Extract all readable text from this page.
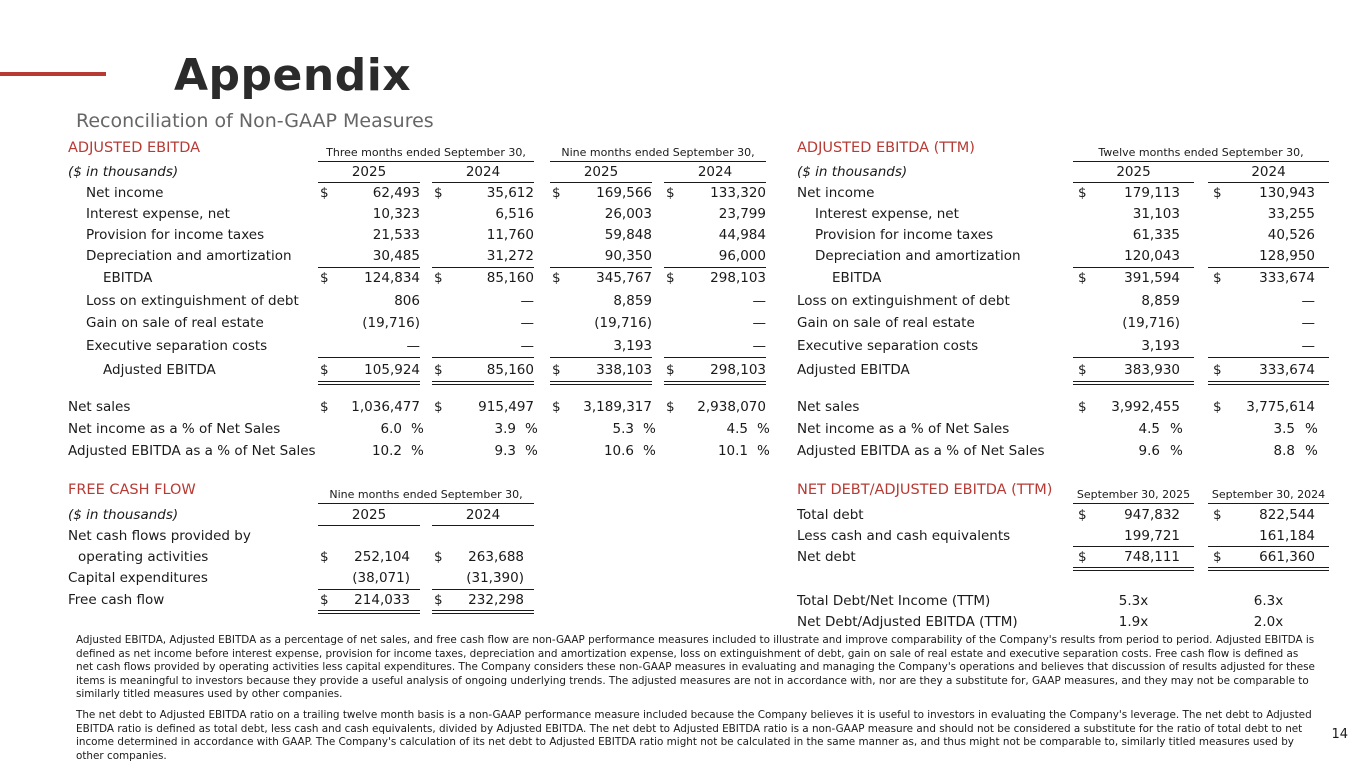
Appendix
Reconciliation of Non-GAAP Measures
ADJUSTED EBITDA	Three months ended September 30,	Nine months ended September 30,
($ in thousands)	2025	2024	2025	2024
Net income	$	62,493 $	35,612 $	169,566 $	133,320
Interest expense, net	10,323	6,516	26,003	23,799
Provision for income taxes	21,533	11,760	59,848	44,984
Depreciation and amortization	30,485	31,272	90,350	96,000
EBITDA	$	124,834 $	85,160 $	345,767 $	298,103
Loss on extinguishment of debt	806	—	8,859	—
Gain on sale of real estate	(19,716)	—	(19,716)	—
Executive separation costs	—	—	3,193	—
Adjusted EBITDA	$	105,924 $	85,160 $	338,103 $	298,103
Net sales	$	1,036,477 $	915,497 $	3,189,317 $	2,938,070
Net income as a % of Net Sales	6.0 %	3.9 %	5.3 %	4.5 %
Adjusted EBITDA as a % of Net Sales	10.2 %	9.3 %	10.6 %	10.1 %
ADJUSTED EBITDA (TTM)	Twelve months ended September 30,
($ in thousands)	2025	2024
Net income	$	179,113 $	130,943
Interest expense, net	31,103	33,255
Provision for income taxes	61,335	40,526
Depreciation and amortization	120,043	128,950
EBITDA	$	391,594 $	333,674
Loss on extinguishment of debt	8,859	—
Gain on sale of real estate	(19,716)	—
Executive separation costs	3,193	—
Adjusted EBITDA	$	383,930 $	333,674
Net sales	$	3,992,455 $	3,775,614
Net income as a % of Net Sales	4.5 %	3.5 %
Adjusted EBITDA as a % of Net Sales	9.6 %	8.8 %
FREE CASH FLOW	Nine months ended September 30,
($ in thousands)	2025	2024
Net cash flows provided by
operating activities	$	252,104 $	263,688
Capital expenditures	(38,071)	(31,390)
Free cash flow	$	214,033 $	232,298
NET DEBT/ADJUSTED EBITDA (TTM)	September 30, 2025	September 30, 2024
Total debt	$	947,832 $	822,544
Less cash and cash equivalents	199,721	161,184
Net debt	$	748,111 $	661,360
Total Debt/Net Income (TTM)	5.3x	6.3x
Net Debt/Adjusted EBITDA (TTM)	1.9x	2.0x
Adjusted EBITDA, Adjusted EBITDA as a percentage of net sales, and free cash flow are non-GAAP performance measures included to illustrate and improve comparability of the Company's results from period to period. Adjusted EBITDA is defined as net income before interest expense, provision for income taxes, depreciation and amortization expense, loss on extinguishment of debt, gain on sale of real estate and executive separation costs. Free cash flow is defined as net cash flows provided by operating activities less capital expenditures. The Company considers these non-GAAP measures in evaluating and managing the Company's operations and believes that discussion of results adjusted for these items is meaningful to investors because they provide a useful analysis of ongoing underlying trends. The adjusted measures are not in accordance with, nor are they a substitute for, GAAP measures, and they may not be comparable to similarly titled measures used by other companies.
The net debt to Adjusted EBITDA ratio on a trailing twelve month basis is a non-GAAP performance measure included because the Company believes it is useful to investors in evaluating the Company's leverage. The net debt to Adjusted EBITDA ratio is defined as total debt, less cash and cash equivalents, divided by Adjusted EBITDA. The net debt to Adjusted EBITDA ratio is a non-GAAP measure and should not be considered a substitute for the ratio of total debt to net income determined in accordance with GAAP. The Company's calculation of its net debt to Adjusted EBITDA ratio might not be calculated in the same manner as, and thus might not be comparable to, similarly titled measures used by other companies.
14
